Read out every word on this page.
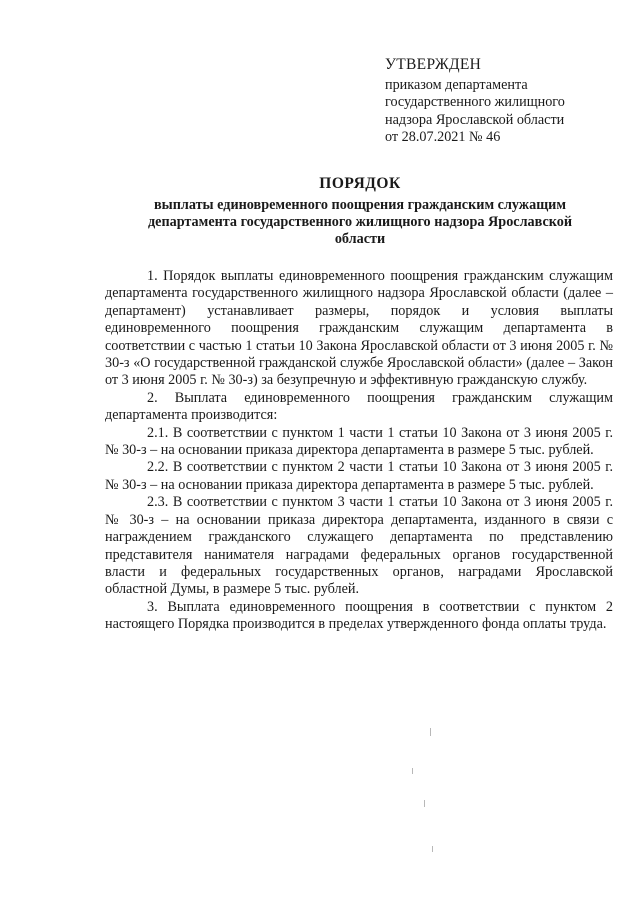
УТВЕРЖДЕН
приказом департамента
государственного жилищного
надзора Ярославской области
от 28.07.2021 № 46
ПОРЯДОК
выплаты единовременного поощрения гражданским служащим
департамента государственного жилищного надзора Ярославской
области

1. Порядок выплаты единовременного поощрения гражданским служащим департамента государственного жилищного надзора Ярославской области (далее – департамент) устанавливает размеры, порядок и условия выплаты единовременного поощрения гражданским служащим департамента в соответствии с частью 1 статьи 10 Закона Ярославской области от 3 июня 2005 г. № 30-з «О государственной гражданской службе Ярославской области» (далее – Закон от 3 июня 2005 г. № 30-з) за безупречную и эффективную гражданскую службу.

2. Выплата единовременного поощрения гражданским служащим департамента производится:

2.1. В соответствии с пунктом 1 части 1 статьи 10 Закона от 3 июня 2005 г. № 30-з – на основании приказа директора департамента в размере 5 тыс. рублей.

2.2. В соответствии с пунктом 2 части 1 статьи 10 Закона от 3 июня 2005 г. № 30-з – на основании приказа директора департамента в размере 5 тыс. рублей.

2.3. В соответствии с пунктом 3 части 1 статьи 10 Закона от 3 июня 2005 г. № 30-з – на основании приказа директора департамента, изданного в связи с награждением гражданского служащего департамента по представлению представителя нанимателя наградами федеральных органов государственной власти и федеральных государственных органов, наградами Ярославской областной Думы, в размере 5 тыс. рублей.

3. Выплата единовременного поощрения в соответствии с пунктом 2 настоящего Порядка производится в пределах утвержденного фонда оплаты труда.
